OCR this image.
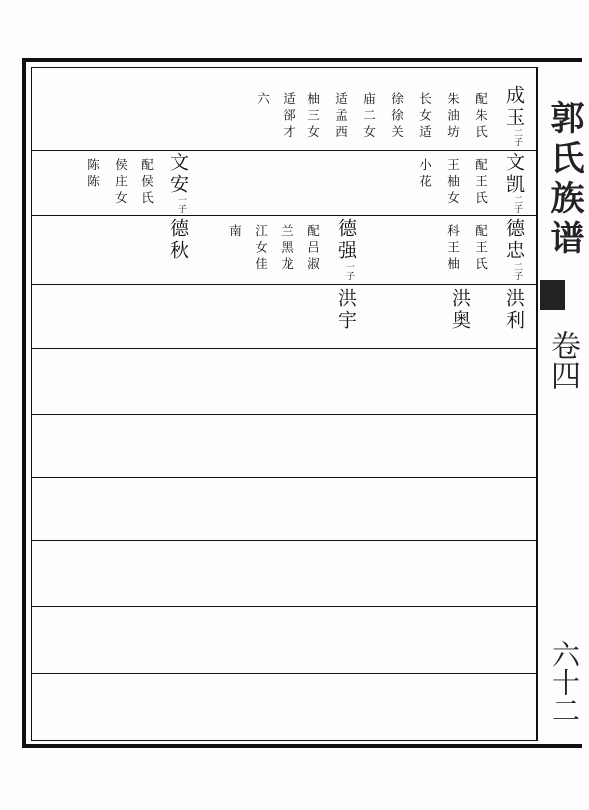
郭氏族谱
卷四
六十二
成玉
二子
配朱氏
朱油坊
长女适
徐徐关
庙二女
适孟西
柚三女
适郤才
六
文凯
二子
配王氏
王柚女
小花
文安
一子
配侯氏
侯庄女
陈陈
德忠
二子
配王氏
科王柚
德强
一子
配吕淑
兰黑龙
江女佳
南
德秋
洪利
洪奥
洪宇
